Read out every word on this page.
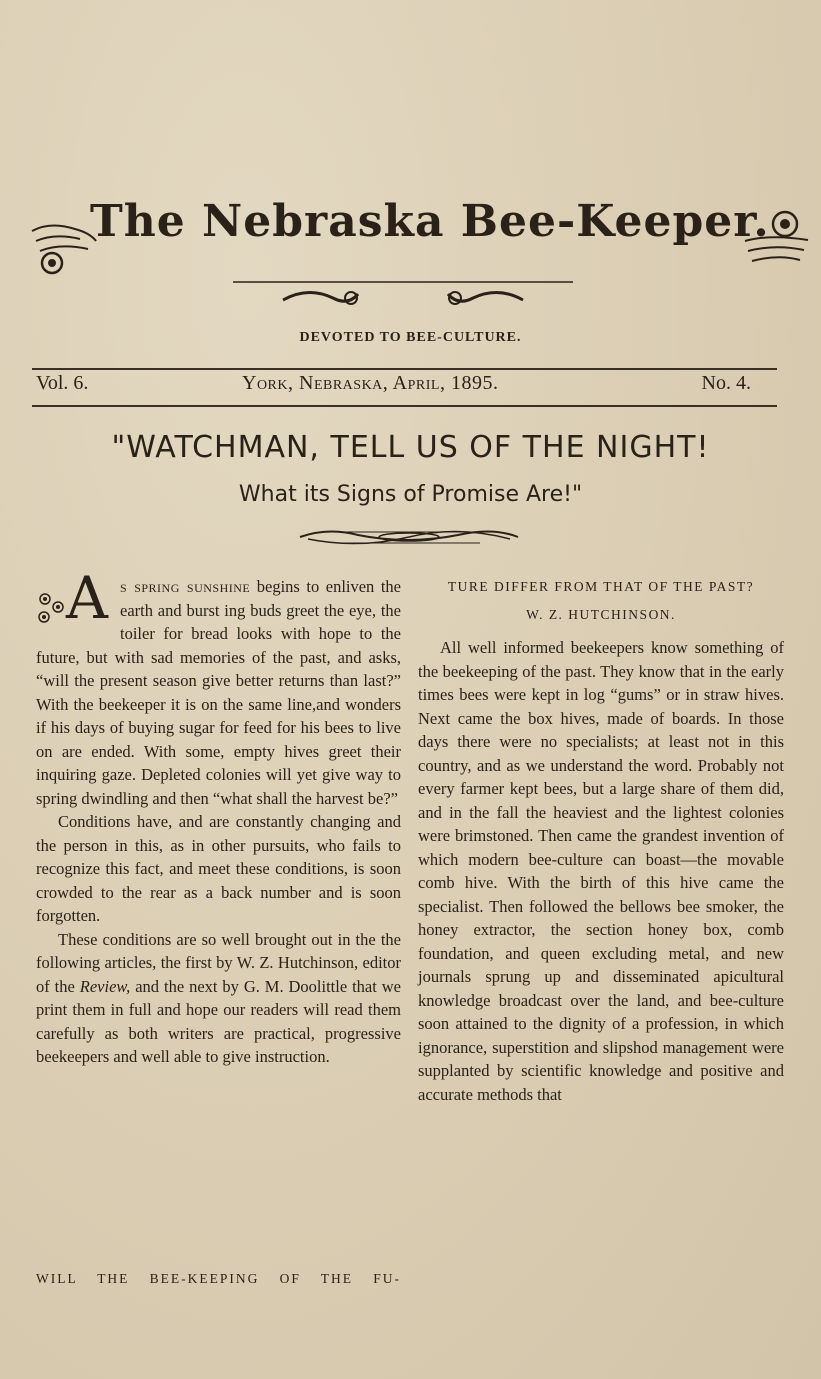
The Nebraska Bee-Keeper.
DEVOTED TO BEE-CULTURE.
Vol. 6.	York, Nebraska, April, 1895.	No. 4.
"WATCHMAN, TELL US OF THE NIGHT!
What its Signs of Promise Are!"
A s spring sunshine begins to enliven the earth and burst ing buds greet the eye, the toiler for bread looks with hope to the future, but with sad memories of the past, and asks, “will the present season give better returns than last?” With the beekeeper it is on the same line,and wonders if his days of buying sugar for feed for his bees to live on are ended. With some, empty hives greet their inquiring gaze. Depleted colonies will yet give way to spring dwindling and then “what shall the harvest be?”

Conditions have, and are constantly changing and the person in this, as in other pursuits, who fails to recognize this fact, and meet these conditions, is soon crowded to the rear as a back number and is soon forgotten.

These conditions are so well brought out in the the following articles, the first by W. Z. Hutchinson, editor of the Review, and the next by G. M. Doolittle that we print them in full and hope our readers will read them carefully as both writers are practical, progressive beekeepers and well able to give instruction.

WILL THE BEE-KEEPING OF THE FU-
TURE DIFFER FROM THAT OF THE PAST?
W. Z. HUTCHINSON.

All well informed beekeepers know something of the beekeeping of the past. They know that in the early times bees were kept in log “gums” or in straw hives. Next came the box hives, made of boards. In those days there were no specialists; at least not in this country, and as we understand the word. Probably not every farmer kept bees, but a large share of them did, and in the fall the heaviest and the lightest colonies were brimstoned. Then came the grandest invention of which modern bee-culture can boast—the movable comb hive. With the birth of this hive came the specialist. Then followed the bellows bee smoker, the honey extractor, the section honey box, comb foundation, and queen excluding metal, and new journals sprung up and disseminated apicultural knowledge broadcast over the land, and bee-culture soon attained to the dignity of a profession, in which ignorance, superstition and slipshod management were supplanted by scientific knowledge and positive and accurate methods that
